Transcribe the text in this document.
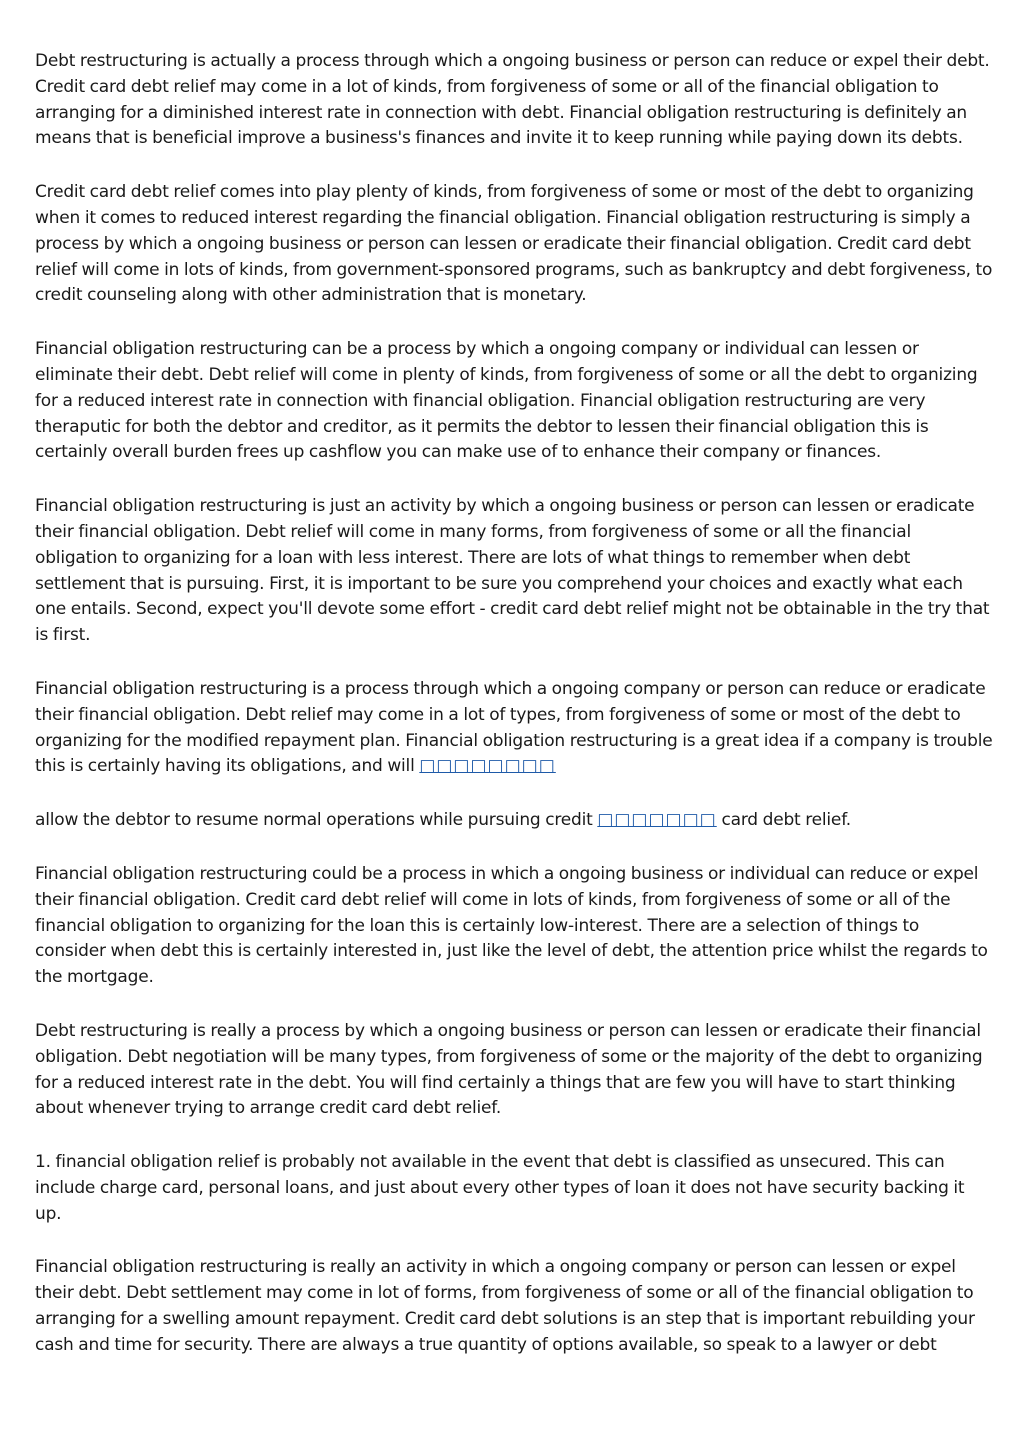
Debt restructuring is actually a process through which a ongoing business or person can reduce or expel their debt. Credit card debt relief may come in a lot of kinds, from forgiveness of some or all of the financial obligation to arranging for a diminished interest rate in connection with debt. Financial obligation restructuring is definitely an means that is beneficial improve a business's finances and invite it to keep running while paying down its debts.

Credit card debt relief comes into play plenty of kinds, from forgiveness of some or most of the debt to organizing when it comes to reduced interest regarding the financial obligation. Financial obligation restructuring is simply a process by which a ongoing business or person can lessen or eradicate their financial obligation. Credit card debt relief will come in lots of kinds, from government-sponsored programs, such as bankruptcy and debt forgiveness, to credit counseling along with other administration that is monetary.

Financial obligation restructuring can be a process by which a ongoing company or individual can lessen or eliminate their debt. Debt relief will come in plenty of kinds, from forgiveness of some or all the debt to organizing for a reduced interest rate in connection with financial obligation. Financial obligation restructuring are very theraputic for both the debtor and creditor, as it permits the debtor to lessen their financial obligation this is certainly overall burden frees up cashflow you can make use of to enhance their company or finances.

Financial obligation restructuring is just an activity by which a ongoing business or person can lessen or eradicate their financial obligation. Debt relief will come in many forms, from forgiveness of some or all the financial obligation to organizing for a loan with less interest. There are lots of what things to remember when debt settlement that is pursuing. First, it is important to be sure you comprehend your choices and exactly what each one entails. Second, expect you'll devote some effort - credit card debt relief might not be obtainable in the try that is first.

Financial obligation restructuring is a process through which a ongoing company or person can reduce or eradicate their financial obligation. Debt relief may come in a lot of types, from forgiveness of some or most of the debt to organizing for the modified repayment plan. Financial obligation restructuring is a great idea if a company is trouble this is certainly having its obligations, and will □□□□□□□□

allow the debtor to resume normal operations while pursuing credit □□□□□□□ card debt relief.

Financial obligation restructuring could be a process in which a ongoing business or individual can reduce or expel their financial obligation. Credit card debt relief will come in lots of kinds, from forgiveness of some or all of the financial obligation to organizing for the loan this is certainly low-interest. There are a selection of things to consider when debt this is certainly interested in, just like the level of debt, the attention price whilst the regards to the mortgage.

Debt restructuring is really a process by which a ongoing business or person can lessen or eradicate their financial obligation. Debt negotiation will be many types, from forgiveness of some or the majority of the debt to organizing for a reduced interest rate in the debt. You will find certainly a things that are few you will have to start thinking about whenever trying to arrange credit card debt relief.

1. financial obligation relief is probably not available in the event that debt is classified as unsecured. This can include charge card, personal loans, and just about every other types of loan it does not have security backing it up.

Financial obligation restructuring is really an activity in which a ongoing company or person can lessen or expel their debt. Debt settlement may come in lot of forms, from forgiveness of some or all of the financial obligation to arranging for a swelling amount repayment. Credit card debt solutions is an step that is important rebuilding your cash and time for security. There are always a true quantity of options available, so speak to a lawyer or debt
